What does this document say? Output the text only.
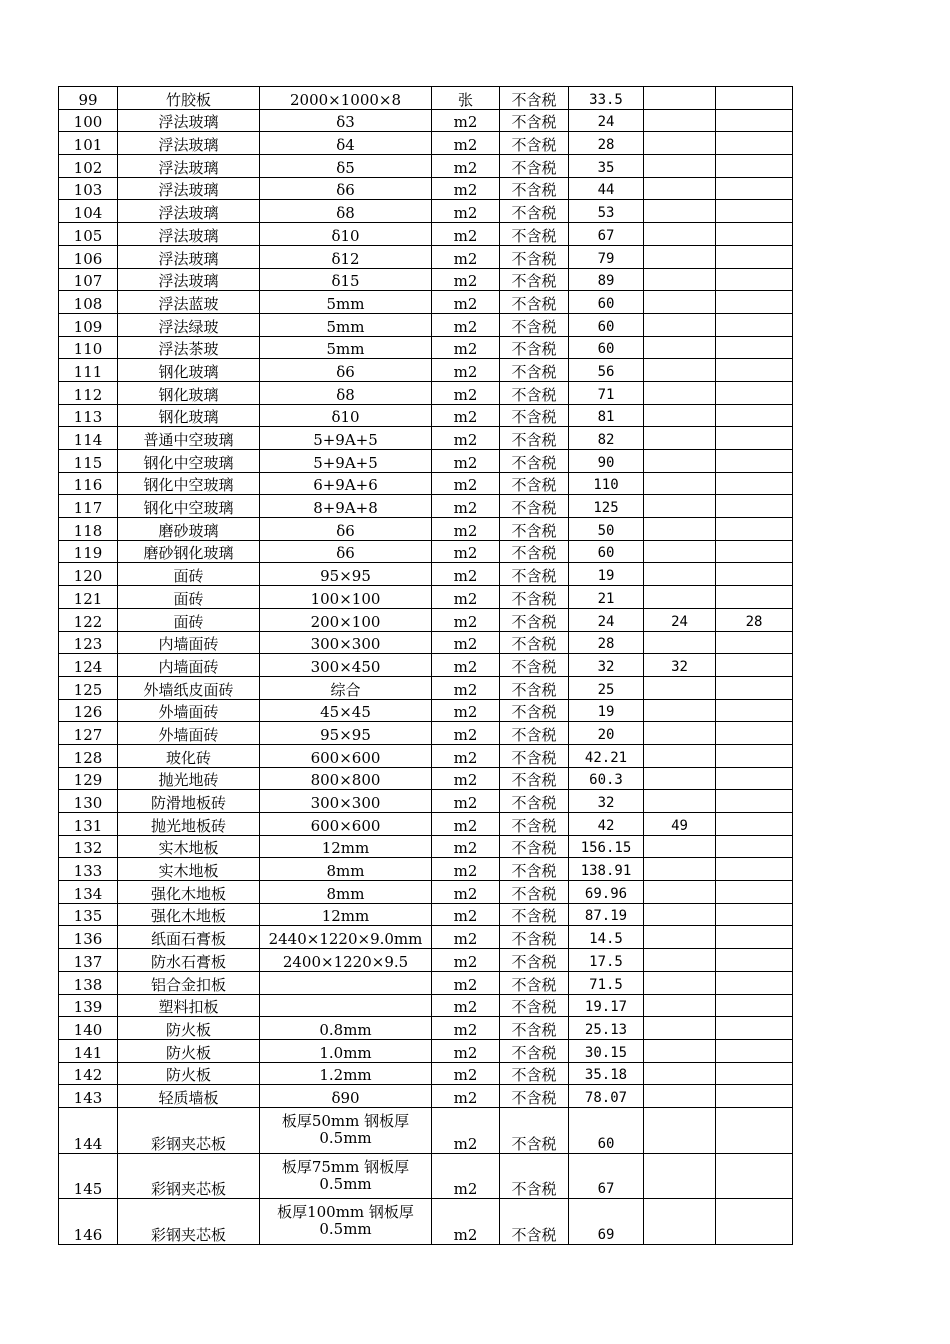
99	竹胶板	2000×1000×8	张	不含税	33.5		
100	浮法玻璃	δ3	m2	不含税	24		
101	浮法玻璃	δ4	m2	不含税	28		
102	浮法玻璃	δ5	m2	不含税	35		
103	浮法玻璃	δ6	m2	不含税	44		
104	浮法玻璃	δ8	m2	不含税	53		
105	浮法玻璃	δ10	m2	不含税	67		
106	浮法玻璃	δ12	m2	不含税	79		
107	浮法玻璃	δ15	m2	不含税	89		
108	浮法蓝玻	5mm	m2	不含税	60		
109	浮法绿玻	5mm	m2	不含税	60		
110	浮法茶玻	5mm	m2	不含税	60		
111	钢化玻璃	δ6	m2	不含税	56		
112	钢化玻璃	δ8	m2	不含税	71		
113	钢化玻璃	δ10	m2	不含税	81		
114	普通中空玻璃	5+9A+5	m2	不含税	82		
115	钢化中空玻璃	5+9A+5	m2	不含税	90		
116	钢化中空玻璃	6+9A+6	m2	不含税	110		
117	钢化中空玻璃	8+9A+8	m2	不含税	125		
118	磨砂玻璃	δ6	m2	不含税	50		
119	磨砂钢化玻璃	δ6	m2	不含税	60		
120	面砖	95×95	m2	不含税	19		
121	面砖	100×100	m2	不含税	21		
122	面砖	200×100	m2	不含税	24	24	28
123	内墙面砖	300×300	m2	不含税	28		
124	内墙面砖	300×450	m2	不含税	32	32	
125	外墙纸皮面砖	综合	m2	不含税	25		
126	外墙面砖	45×45	m2	不含税	19		
127	外墙面砖	95×95	m2	不含税	20		
128	玻化砖	600×600	m2	不含税	42.21		
129	抛光地砖	800×800	m2	不含税	60.3		
130	防滑地板砖	300×300	m2	不含税	32		
131	抛光地板砖	600×600	m2	不含税	42	49	
132	实木地板	12mm	m2	不含税	156.15		
133	实木地板	8mm	m2	不含税	138.91		
134	强化木地板	8mm	m2	不含税	69.96		
135	强化木地板	12mm	m2	不含税	87.19		
136	纸面石膏板	2440×1220×9.0mm	m2	不含税	14.5		
137	防水石膏板	2400×1220×9.5	m2	不含税	17.5		
138	铝合金扣板		m2	不含税	71.5		
139	塑料扣板		m2	不含税	19.17		
140	防火板	0.8mm	m2	不含税	25.13		
141	防火板	1.0mm	m2	不含税	30.15		
142	防火板	1.2mm	m2	不含税	35.18		
143	轻质墙板	δ90	m2	不含税	78.07		
144	彩钢夹芯板	板厚50mm 钢板厚0.5mm	m2	不含税	60		
145	彩钢夹芯板	板厚75mm 钢板厚0.5mm	m2	不含税	67		
146	彩钢夹芯板	板厚100mm 钢板厚0.5mm	m2	不含税	69		
